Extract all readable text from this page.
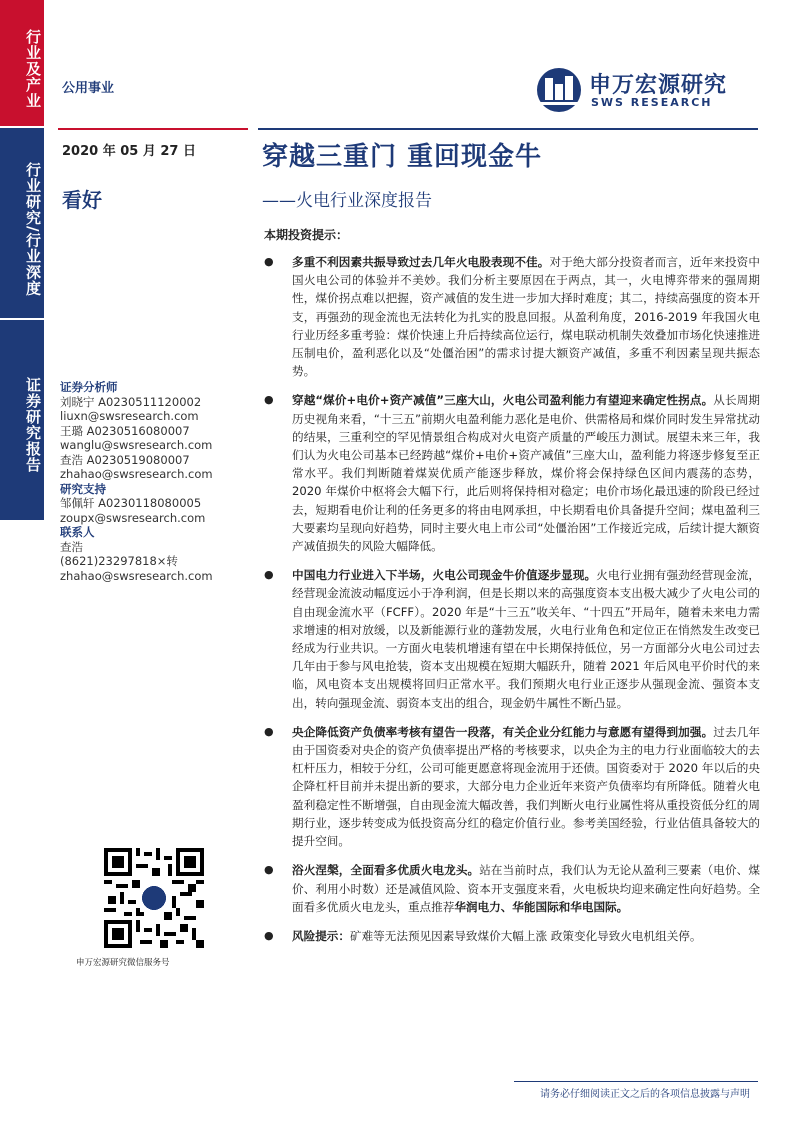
行业及产业
行业研究/行业深度
证券研究报告
公用事业	申万宏源研究
SWS RESEARCH
2020 年 05 月 27 日
看好
穿越三重门 重回现金牛
——火电行业深度报告
证券分析师
刘晓宁 A0230511120002
liuxn@swsresearch.com
王璐 A0230516080007
wanglu@swsresearch.com
查浩 A0230519080007
zhahao@swsresearch.com
研究支持
邹佩轩 A0230118080005
zoupx@swsresearch.com
联系人
查浩
(8621)23297818×转
zhahao@swsresearch.com
申万宏源研究微信服务号
本期投资提示：
● 多重不利因素共振导致过去几年火电股表现不佳。对于绝大部分投资者而言，近年来投资中国火电公司的体验并不美妙。我们分析主要原因在于两点，其一，火电博弈带来的强周期性，煤价拐点难以把握，资产减值的发生进一步加大择时难度；其二，持续高强度的资本开支，再强劲的现金流也无法转化为扎实的股息回报。从盈利角度，2016-2019 年我国火电行业历经多重考验：煤价快速上升后持续高位运行，煤电联动机制失效叠加市场化快速推进压制电价，盈利恶化以及“处僵治困”的需求讨提大额资产减值，多重不利因素呈现共振态势。
● 穿越“煤价+电价+资产减值”三座大山，火电公司盈利能力有望迎来确定性拐点。从长周期历史视角来看，“十三五”前期火电盈利能力恶化是电价、供需格局和煤价同时发生异常扰动的结果，三重利空的罕见情景组合构成对火电资产质量的严峻压力测试。展望未来三年，我们认为火电公司基本已经跨越“煤价+电价+资产减值”三座大山，盈利能力将逐步修复至正常水平。我们判断随着煤炭优质产能逐步释放，煤价将会保持绿色区间内震荡的态势，2020 年煤价中枢将会大幅下行，此后则将保持相对稳定；电价市场化最迅速的阶段已经过去，短期看电价让利的任务更多的将由电网承担，中长期看电价具备提升空间；煤电盈利三大要素均呈现向好趋势，同时主要火电上市公司“处僵治困”工作接近完成，后续计提大额资产减值损失的风险大幅降低。
● 中国电力行业进入下半场，火电公司现金牛价值逐步显现。火电行业拥有强劲经营现金流，经营现金流波动幅度远小于净利润，但是长期以来的高强度资本支出极大减少了火电公司的自由现金流水平（FCFF）。2020 年是“十三五”收关年、“十四五”开局年，随着未来电力需求增速的相对放缓，以及新能源行业的蓬勃发展，火电行业角色和定位正在悄然发生改变已经成为行业共识。一方面火电装机增速有望在中长期保持低位，另一方面部分火电公司过去几年由于参与风电抢装，资本支出规模在短期大幅跃升，随着 2021 年后风电平价时代的来临，风电资本支出规模将回归正常水平。我们预期火电行业正逐步从强现金流、强资本支出，转向强现金流、弱资本支出的组合，现金奶牛属性不断凸显。
● 央企降低资产负债率考核有望告一段落，有关企业分红能力与意愿有望得到加强。过去几年由于国资委对央企的资产负债率提出严格的考核要求，以央企为主的电力行业面临较大的去杠杆压力，相较于分红，公司可能更愿意将现金流用于还债。国资委对于 2020 年以后的央企降杠杆目前并未提出新的要求，大部分电力企业近年来资产负债率均有所降低。随着火电盈利稳定性不断增强，自由现金流大幅改善，我们判断火电行业属性将从重投资低分红的周期行业，逐步转变成为低投资高分红的稳定价值行业。参考美国经验，行业估值具备较大的提升空间。
● 浴火涅槃，全面看多优质火电龙头。站在当前时点，我们认为无论从盈利三要素（电价、煤价、利用小时数）还是减值风险、资本开支强度来看，火电板块均迎来确定性向好趋势。全面看多优质火电龙头，重点推荐华润电力、华能国际和华电国际。
● 风险提示：矿难等无法预见因素导致煤价大幅上涨 政策变化导致火电机组关停。
请务必仔细阅读正文之后的各项信息披露与声明
